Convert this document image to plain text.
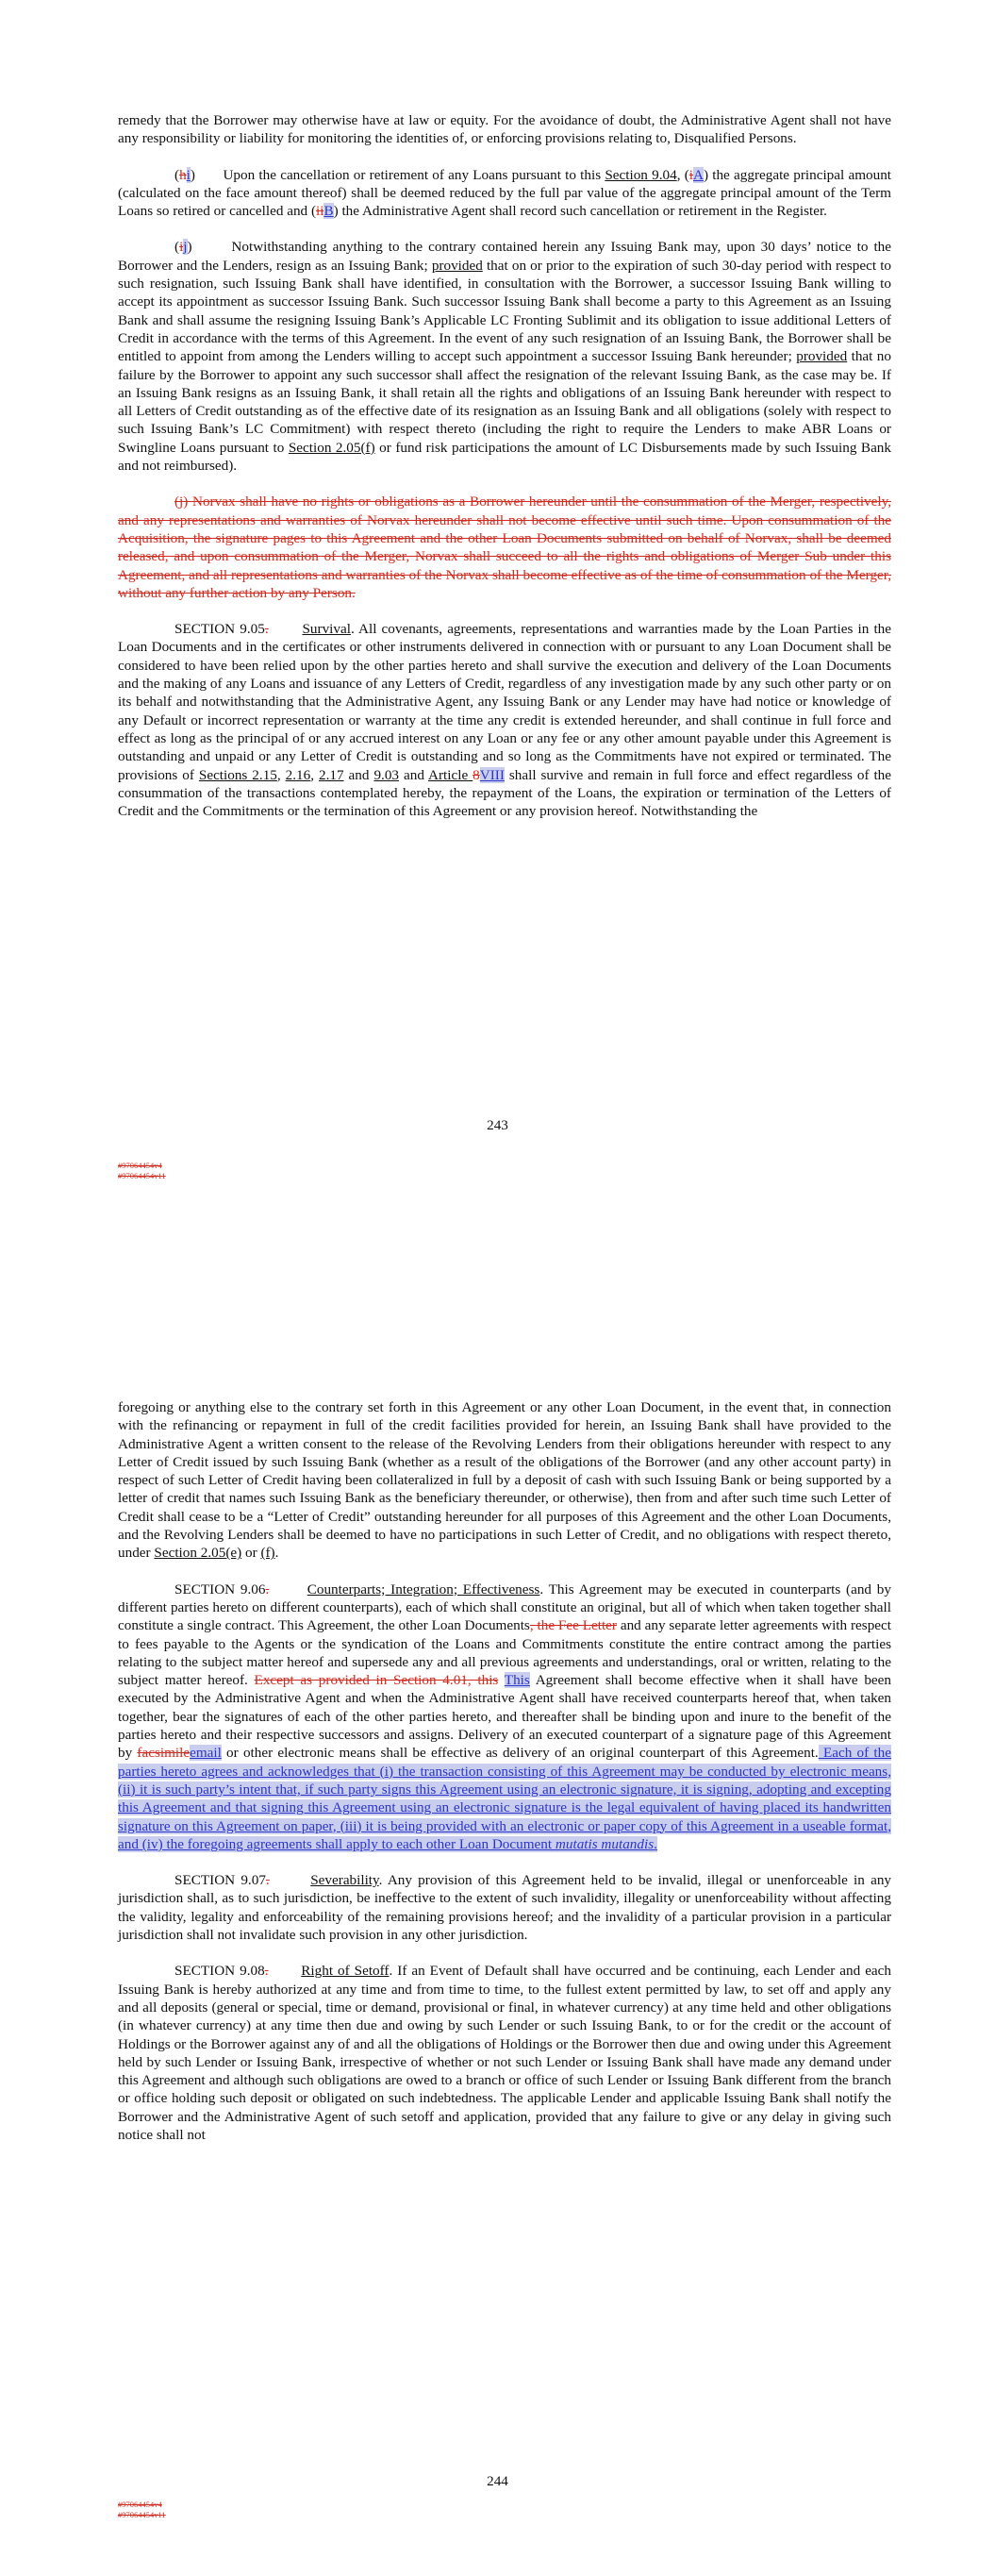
remedy that the Borrower may otherwise have at law or equity. For the avoidance of doubt, the Administrative Agent shall not have any responsibility or liability for monitoring the identities of, or enforcing provisions relating to, Disqualified Persons.

(hi) Upon the cancellation or retirement of any Loans pursuant to this Section 9.04, (iA) the aggregate principal amount (calculated on the face amount thereof) shall be deemed reduced by the full par value of the aggregate principal amount of the Term Loans so retired or cancelled and (iiB) the Administrative Agent shall record such cancellation or retirement in the Register.

(ij)	Notwithstanding anything to the contrary contained herein any Issuing Bank may, upon 30 days’ notice to the Borrower and the Lenders, resign as an Issuing Bank; provided that on or prior to the expiration of such 30-day period with respect to such resignation, such Issuing Bank shall have identified, in consultation with the Borrower, a successor Issuing Bank willing to accept its appointment as successor Issuing Bank. Such successor Issuing Bank shall become a party to this Agreement as an Issuing Bank and shall assume the resigning Issuing Bank’s Applicable LC Fronting Sublimit and its obligation to issue additional Letters of Credit in accordance with the terms of this Agreement. In the event of any such resignation of an Issuing Bank, the Borrower shall be entitled to appoint from among the Lenders willing to accept such appointment a successor Issuing Bank hereunder; provided that no failure by the Borrower to appoint any such successor shall affect the resignation of the relevant Issuing Bank, as the case may be. If an Issuing Bank resigns as an Issuing Bank, it shall retain all the rights and obligations of an Issuing Bank hereunder with respect to all Letters of Credit outstanding as of the effective date of its resignation as an Issuing Bank and all obligations (solely with respect to such Issuing Bank’s LC Commitment) with respect thereto (including the right to require the Lenders to make ABR Loans or Swingline Loans pursuant to Section 2.05(f) or fund risk participations the amount of LC Disbursements made by such Issuing Bank and not reimbursed).

(j) Norvax shall have no rights or obligations as a Borrower hereunder until the consummation of the Merger, respectively, and any representations and warranties of Norvax hereunder shall not become effective until such time. Upon consummation of the Acquisition, the signature pages to this Agreement and the other Loan Documents submitted on behalf of Norvax, shall be deemed released, and upon consummation of the Merger, Norvax shall succeed to all the rights and obligations of Merger Sub under this Agreement, and all representations and warranties of the Norvax shall become effective as of the time of consummation of the Merger, without any further action by any Person.

SECTION 9.05. Survival. All covenants, agreements, representations and warranties made by the Loan Parties in the Loan Documents and in the certificates or other instruments delivered in connection with or pursuant to any Loan Document shall be considered to have been relied upon by the other parties hereto and shall survive the execution and delivery of the Loan Documents and the making of any Loans and issuance of any Letters of Credit, regardless of any investigation made by any such other party or on its behalf and notwithstanding that the Administrative Agent, any Issuing Bank or any Lender may have had notice or knowledge of any Default or incorrect representation or warranty at the time any credit is extended hereunder, and shall continue in full force and effect as long as the principal of or any accrued interest on any Loan or any fee or any other amount payable under this Agreement is outstanding and unpaid or any Letter of Credit is outstanding and so long as the Commitments have not expired or terminated. The provisions of Sections 2.15, 2.16, 2.17 and 9.03 and Article 8VIII shall survive and remain in full force and effect regardless of the consummation of the transactions contemplated hereby, the repayment of the Loans, the expiration or termination of the Letters of Credit and the Commitments or the termination of this Agreement or any provision hereof. Notwithstanding the

243
#97064454v4
#97064454v11

foregoing or anything else to the contrary set forth in this Agreement or any other Loan Document, in the event that, in connection with the refinancing or repayment in full of the credit facilities provided for herein, an Issuing Bank shall have provided to the Administrative Agent a written consent to the release of the Revolving Lenders from their obligations hereunder with respect to any Letter of Credit issued by such Issuing Bank (whether as a result of the obligations of the Borrower (and any other account party) in respect of such Letter of Credit having been collateralized in full by a deposit of cash with such Issuing Bank or being supported by a letter of credit that names such Issuing Bank as the beneficiary thereunder, or otherwise), then from and after such time such Letter of Credit shall cease to be a “Letter of Credit” outstanding hereunder for all purposes of this Agreement and the other Loan Documents, and the Revolving Lenders shall be deemed to have no participations in such Letter of Credit, and no obligations with respect thereto, under Section 2.05(e) or (f).

SECTION 9.06.	Counterparts; Integration; Effectiveness. This Agreement may be executed in counterparts (and by different parties hereto on different counterparts), each of which shall constitute an original, but all of which when taken together shall constitute a single contract. This Agreement, the other Loan Documents, the Fee Letter and any separate letter agreements with respect to fees payable to the Agents or the syndication of the Loans and Commitments constitute the entire contract among the parties relating to the subject matter hereof and supersede any and all previous agreements and understandings, oral or written, relating to the subject matter hereof. Except as provided in Section 4.01, this This Agreement shall become effective when it shall have been executed by the Administrative Agent and when the Administrative Agent shall have received counterparts hereof that, when taken together, bear the signatures of each of the other parties hereto, and thereafter shall be binding upon and inure to the benefit of the parties hereto and their respective successors and assigns. Delivery of an executed counterpart of a signature page of this Agreement by facsimileemail or other electronic means shall be effective as delivery of an original counterpart of this Agreement. Each of the parties hereto agrees and acknowledges that (i) the transaction consisting of this Agreement may be conducted by electronic means, (ii) it is such party’s intent that, if such party signs this Agreement using an electronic signature, it is signing, adopting and excepting this Agreement and that signing this Agreement using an electronic signature is the legal equivalent of having placed its handwritten signature on this Agreement on paper, (iii) it is being provided with an electronic or paper copy of this Agreement in a useable format, and (iv) the foregoing agreements shall apply to each other Loan Document mutatis mutandis.

SECTION 9.07.	Severability. Any provision of this Agreement held to be invalid, illegal or unenforceable in any jurisdiction shall, as to such jurisdiction, be ineffective to the extent of such invalidity, illegality or unenforceability without affecting the validity, legality and enforceability of the remaining provisions hereof; and the invalidity of a particular provision in a particular jurisdiction shall not invalidate such provision in any other jurisdiction.

SECTION 9.08. Right of Setoff. If an Event of Default shall have occurred and be continuing, each Lender and each Issuing Bank is hereby authorized at any time and from time to time, to the fullest extent permitted by law, to set off and apply any and all deposits (general or special, time or demand, provisional or final, in whatever currency) at any time held and other obligations (in whatever currency) at any time then due and owing by such Lender or such Issuing Bank, to or for the credit or the account of Holdings or the Borrower against any of and all the obligations of Holdings or the Borrower then due and owing under this Agreement held by such Lender or Issuing Bank, irrespective of whether or not such Lender or Issuing Bank shall have made any demand under this Agreement and although such obligations are owed to a branch or office of such Lender or Issuing Bank different from the branch or office holding such deposit or obligated on such indebtedness. The applicable Lender and applicable Issuing Bank shall notify the Borrower and the Administrative Agent of such setoff and application, provided that any failure to give or any delay in giving such notice shall not

244
#97064454v4
#97064454v11
